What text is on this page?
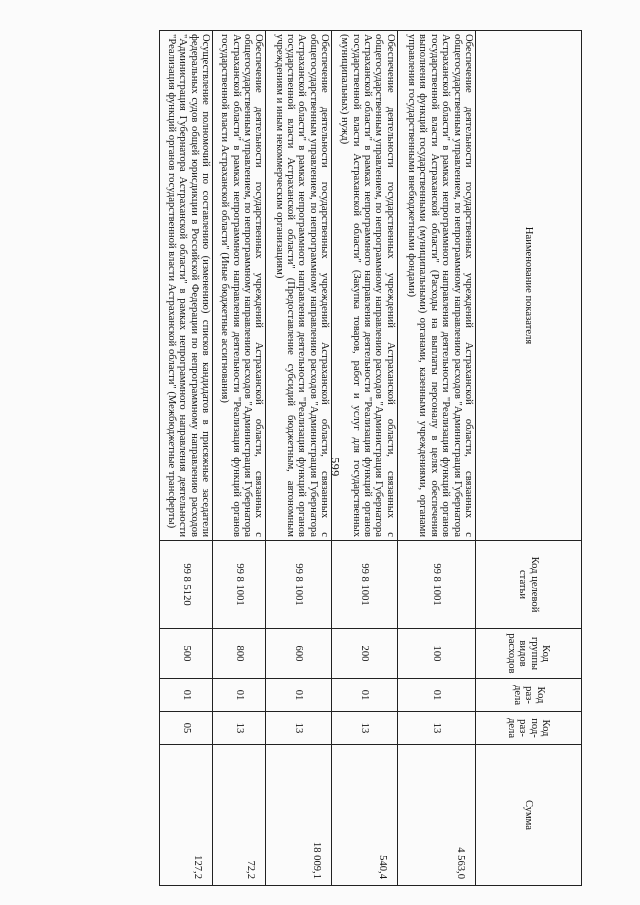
599
Наименование показателя	Код целевой статьи	Код группы видов расходов	Код раз-дела	Код под-раз-дела	Сумма
Обеспечение деятельности государственных учреждений Астраханской области, связанных с общегосударственным управлением, по непрограммному направлению расходов "Администрация Губернатора Астраханской области" в рамках непрограммного направления деятельности "Реализация функций органов государственной власти Астраханской области" (Расходы на выплаты персоналу в целях обеспечения выполнения функций государственными (муниципальными) органами, казенными учреждениями, органами управления государственными внебюджетными фондами)	99 8 1001	100	01	13	4 563,0
Обеспечение деятельности государственных учреждений Астраханской области, связанных с общегосударственным управлением, по непрограммному направлению расходов "Администрация Губернатора Астраханской области" в рамках непрограммного направления деятельности "Реализация функций органов государственной власти Астраханской области" (Закупка товаров, работ и услуг для государственных (муниципальных) нужд)	99 8 1001	200	01	13	540,4
Обеспечение деятельности государственных учреждений Астраханской области, связанных с общегосударственным управлением, по непрограммному направлению расходов "Администрация Губернатора Астраханской области" в рамках непрограммного направления деятельности "Реализация функций органов государственной власти Астраханской области" (Предоставление субсидий бюджетным, автономным учреждениям и иным некоммерческим организациям)	99 8 1001	600	01	13	18 009,1
Обеспечение деятельности государственных учреждений Астраханской области, связанных с общегосударственным управлением, по непрограммному направлению расходов "Администрация Губернатора Астраханской области" в рамках непрограммного направления деятельности "Реализация функций органов государственной власти Астраханской области" (Иные бюджетные ассигнования)	99 8 1001	800	01	13	72,2
Осуществление полномочий по составлению (изменению) списков кандидатов в присяжные заседатели федеральных судов общей юрисдикции в Российской Федерации по непрограммному направлению расходов "Администрация Губернатора Астраханской области" в рамках непрограммного направления деятельности "Реализация функций органов государственной власти Астраханской области" (Межбюджетные трансферты)	99 8 5120	500	01	05	127,2
